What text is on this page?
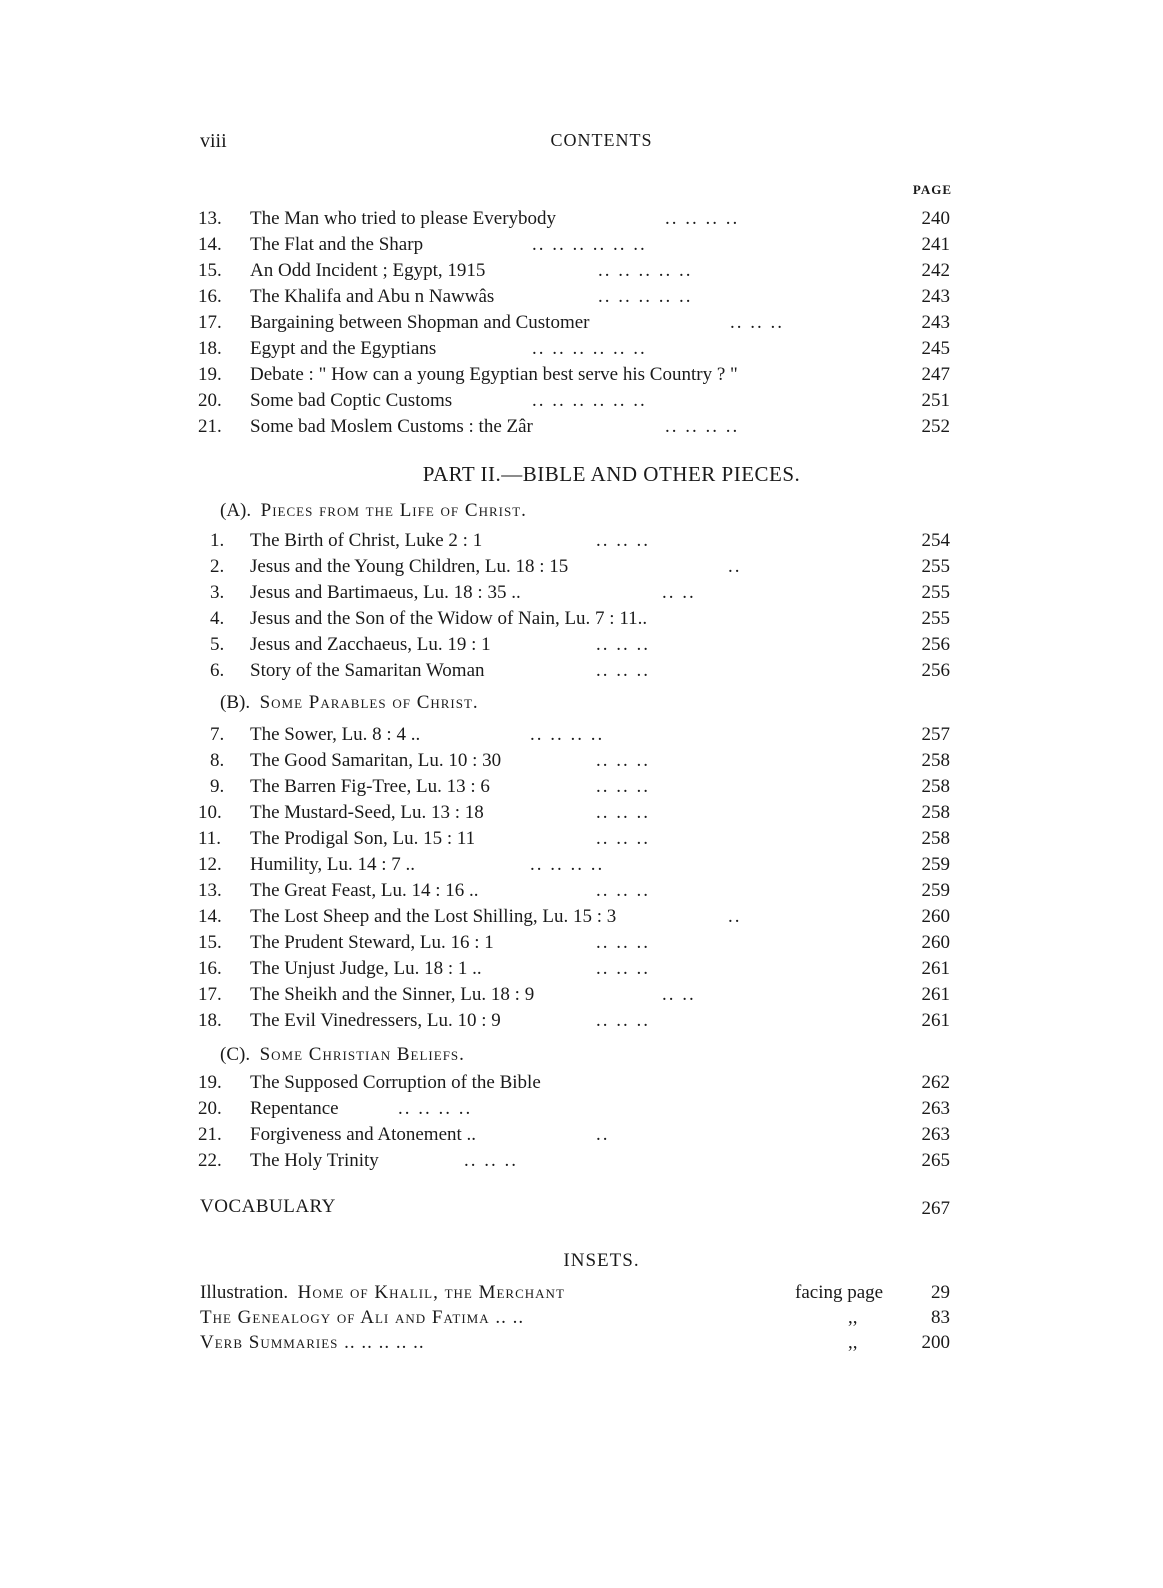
viii	CONTENTS
PAGE
13.	The Man who tried to please Everybody	.. .. .. ..	240
14.	The Flat and the Sharp	.. .. .. .. .. ..	241
15.	An Odd Incident ; Egypt, 1915	.. .. .. .. ..	242
16.	The Khalifa and Abu n Nawwâs	.. .. .. .. ..	243
17.	Bargaining between Shopman and Customer	.. .. ..	243
18.	Egypt and the Egyptians	.. .. .. .. .. ..	245
19.	Debate : " How can a young Egyptian best serve his Country ? "	247
20.	Some bad Coptic Customs	.. .. .. .. .. ..	251
21.	Some bad Moslem Customs : the Zâr	.. .. .. ..	252
PART II.—BIBLE AND OTHER PIECES.
(A). Pieces from the Life of Christ.
1.	The Birth of Christ, Luke 2 : 1	.. .. ..	254
2.	Jesus and the Young Children, Lu. 18 : 15	..	255
3.	Jesus and Bartimaeus, Lu. 18 : 35 ..	.. ..	255
4.	Jesus and the Son of the Widow of Nain, Lu. 7 : 11..	255
5.	Jesus and Zacchaeus, Lu. 19 : 1	.. .. ..	256
6.	Story of the Samaritan Woman	.. .. ..	256
(B). Some Parables of Christ.
7.	The Sower, Lu. 8 : 4 ..	.. .. .. ..	257
8.	The Good Samaritan, Lu. 10 : 30	.. .. ..	258
9.	The Barren Fig-Tree, Lu. 13 : 6	.. .. ..	258
10.	The Mustard-Seed, Lu. 13 : 18	.. .. ..	258
11.	The Prodigal Son, Lu. 15 : 11	.. .. ..	258
12.	Humility, Lu. 14 : 7 ..	.. .. .. ..	259
13.	The Great Feast, Lu. 14 : 16 ..	.. .. ..	259
14.	The Lost Sheep and the Lost Shilling, Lu. 15 : 3	..	260
15.	The Prudent Steward, Lu. 16 : 1	.. .. ..	260
16.	The Unjust Judge, Lu. 18 : 1 ..	.. .. ..	261
17.	The Sheikh and the Sinner, Lu. 18 : 9	.. ..	261
18.	The Evil Vinedressers, Lu. 10 : 9	.. .. ..	261
(C). Some Christian Beliefs.
19.	The Supposed Corruption of the Bible	262
20.	Repentance	.. .. .. ..	263
21.	Forgiveness and Atonement ..	..	263
22.	The Holy Trinity	.. .. ..	265
VOCABULARY	267
INSETS.
Illustration. Home of Khalil, the Merchant	facing page	29
The Genealogy of Ali and Fatima .. ..	,,	83
Verb Summaries .. .. .. .. ..	,,	200
